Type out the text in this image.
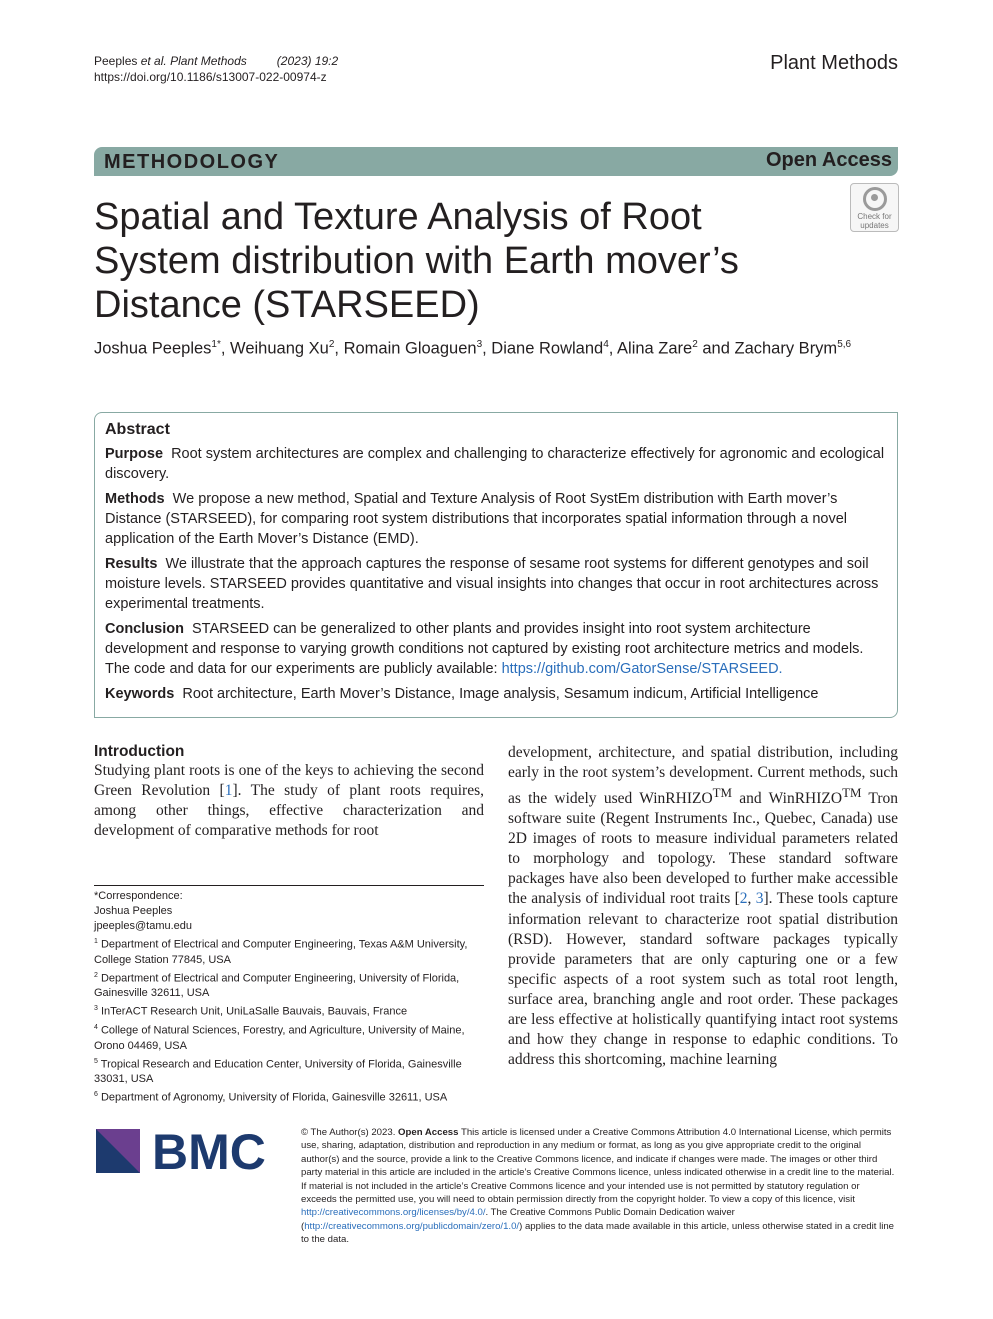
Peeples et al. Plant Methods	(2023) 19:2
https://doi.org/10.1186/s13007-022-00974-z
Plant Methods
METHODOLOGY	Open Access
Spatial and Texture Analysis of Root System distribution with Earth mover’s Distance (STARSEED)
Check for updates
Joshua Peeples$^{1*}$, Weihuang Xu$^2$, Romain Gloaguen$^3$, Diane Rowland$^4$, Alina Zare$^2$ and Zachary Brym$^{5,6}$
Abstract

Purpose Root system architectures are complex and challenging to characterize effectively for agronomic and ecological discovery.

Methods We propose a new method, Spatial and Texture Analysis of Root SystEm distribution with Earth mover’s Distance (STARSEED), for comparing root system distributions that incorporates spatial information through a novel application of the Earth Mover’s Distance (EMD).

Results We illustrate that the approach captures the response of sesame root systems for different genotypes and soil moisture levels. STARSEED provides quantitative and visual insights into changes that occur in root architectures across experimental treatments.

Conclusion STARSEED can be generalized to other plants and provides insight into root system architecture development and response to varying growth conditions not captured by existing root architecture metrics and models. The code and data for our experiments are publicly available: https://github.com/GatorSense/STARSEED.

Keywords Root architecture, Earth Mover’s Distance, Image analysis, Sesamum indicum, Artificial Intelligence

Introduction

Studying plant roots is one of the keys to achieving the second Green Revolution [1]. The study of plant roots requires, among other things, effective characterization and development of comparative methods for root

development, architecture, and spatial distribution, including early in the root system’s development. Current methods, such as the widely used WinRHIZO™ and WinRHIZO™ Tron software suite (Regent Instruments Inc., Quebec, Canada) use 2D images of roots to measure individual parameters related to morphology and topology. These standard software packages have also been developed to further make accessible the analysis of individual root traits [2, 3]. These tools capture information relevant to characterize root spatial distribution (RSD). However, standard software packages typically provide parameters that are only capturing one or a few specific aspects of a root system such as total root length, surface area, branching angle and root order. These packages are less effective at holistically quantifying intact root systems and how they change in response to edaphic conditions. To address this shortcoming, machine learning

*Correspondence:
Joshua Peeples
jpeeples@tamu.edu
$^1$ Department of Electrical and Computer Engineering, Texas A&M University, College Station 77845, USA
$^2$ Department of Electrical and Computer Engineering, University of Florida, Gainesville 32611, USA
$^3$ InTerACT Research Unit, UniLaSalle Bauvais, Bauvais, France
$^4$ College of Natural Sciences, Forestry, and Agriculture, University of Maine, Orono 04469, USA
$^5$ Tropical Research and Education Center, University of Florida, Gainesville 33031, USA
$^6$ Department of Agronomy, University of Florida, Gainesville 32611, USA
BMC	© The Author(s) 2023. Open Access This article is licensed under a Creative Commons Attribution 4.0 International License, which permits use, sharing, adaptation, distribution and reproduction in any medium or format, as long as you give appropriate credit to the original author(s) and the source, provide a link to the Creative Commons licence, and indicate if changes were made. The images or other third party material in this article are included in the article’s Creative Commons licence, unless indicated otherwise in a credit line to the material. If material is not included in the article’s Creative Commons licence and your intended use is not permitted by statutory regulation or exceeds the permitted use, you will need to obtain permission directly from the copyright holder. To view a copy of this licence, visit http://creativecommons.org/licenses/by/4.0/. The Creative Commons Public Domain Dedication waiver (http://creativecommons.org/publicdomain/zero/1.0/) applies to the data made available in this article, unless otherwise stated in a credit line to the data.
